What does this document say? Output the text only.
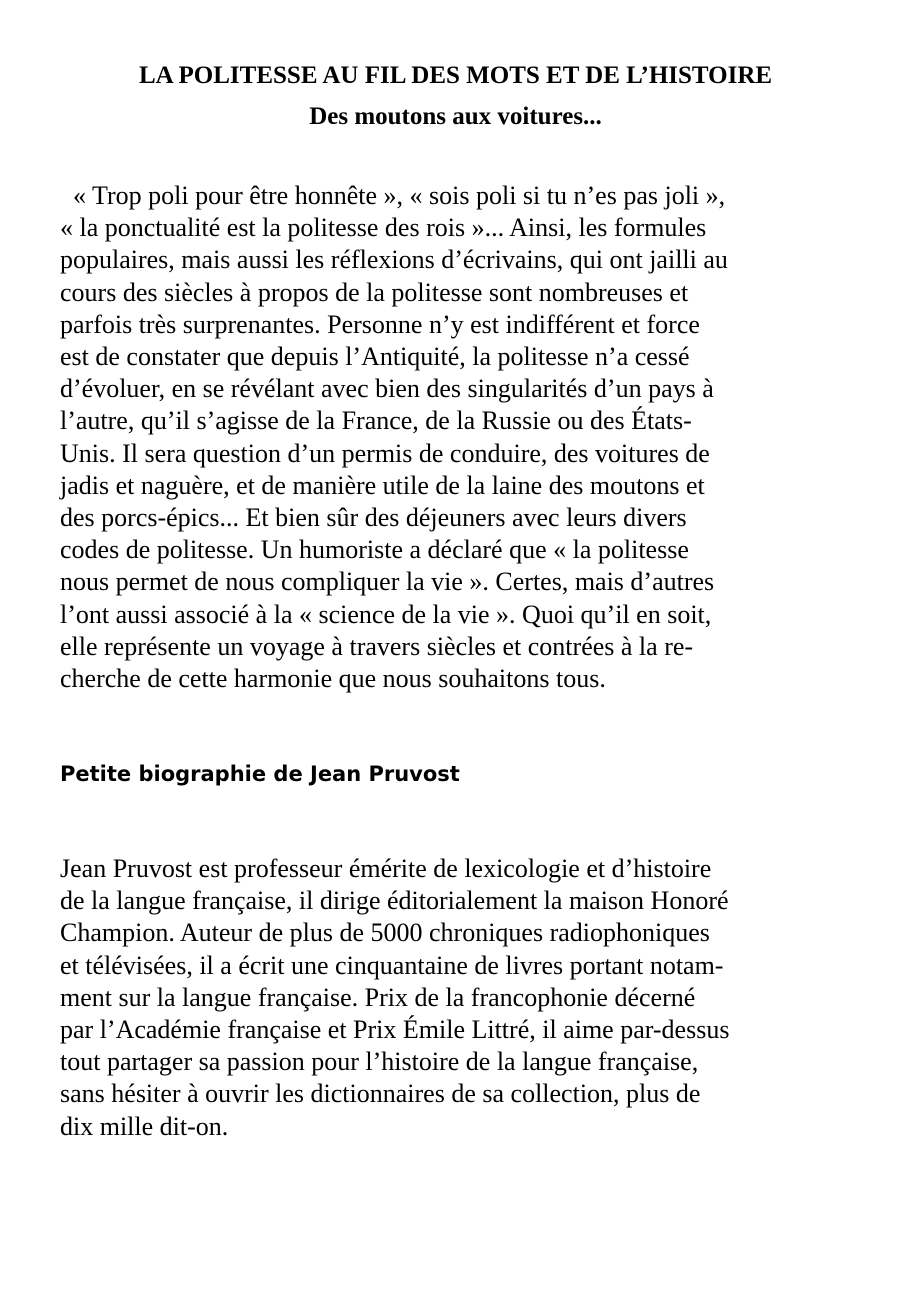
LA POLITESSE AU FIL DES MOTS ET DE L’HISTOIRE
Des moutons aux voitures...
« Trop poli pour être honnête », « sois poli si tu n’es pas joli »,
« la ponctualité est la politesse des rois »... Ainsi, les formules
populaires, mais aussi les réflexions d’écrivains, qui ont jailli au
cours des siècles à propos de la politesse sont nombreuses et
parfois très surprenantes. Personne n’y est indifférent et force
est de constater que depuis l’Antiquité, la politesse n’a cessé
d’évoluer, en se révélant avec bien des singularités d’un pays à
l’autre, qu’il s’agisse de la France, de la Russie ou des États-
Unis. Il sera question d’un permis de conduire, des voitures de
jadis et naguère, et de manière utile de la laine des moutons et
des porcs-épics... Et bien sûr des déjeuners avec leurs divers
codes de politesse. Un humoriste a déclaré que « la politesse
nous permet de nous compliquer la vie ». Certes, mais d’autres
l’ont aussi associé à la « science de la vie ». Quoi qu’il en soit,
elle représente un voyage à travers siècles et contrées à la re-
cherche de cette harmonie que nous souhaitons tous.
Petite biographie de Jean Pruvost
Jean Pruvost est professeur émérite de lexicologie et d’histoire
de la langue française, il dirige éditorialement la maison Honoré
Champion. Auteur de plus de 5000 chroniques radiophoniques
et télévisées, il a écrit une cinquantaine de livres portant notam-
ment sur la langue française. Prix de la francophonie décerné
par l’Académie française et Prix Émile Littré, il aime par-dessus
tout partager sa passion pour l’histoire de la langue française,
sans hésiter à ouvrir les dictionnaires de sa collection, plus de
dix mille dit-on.
